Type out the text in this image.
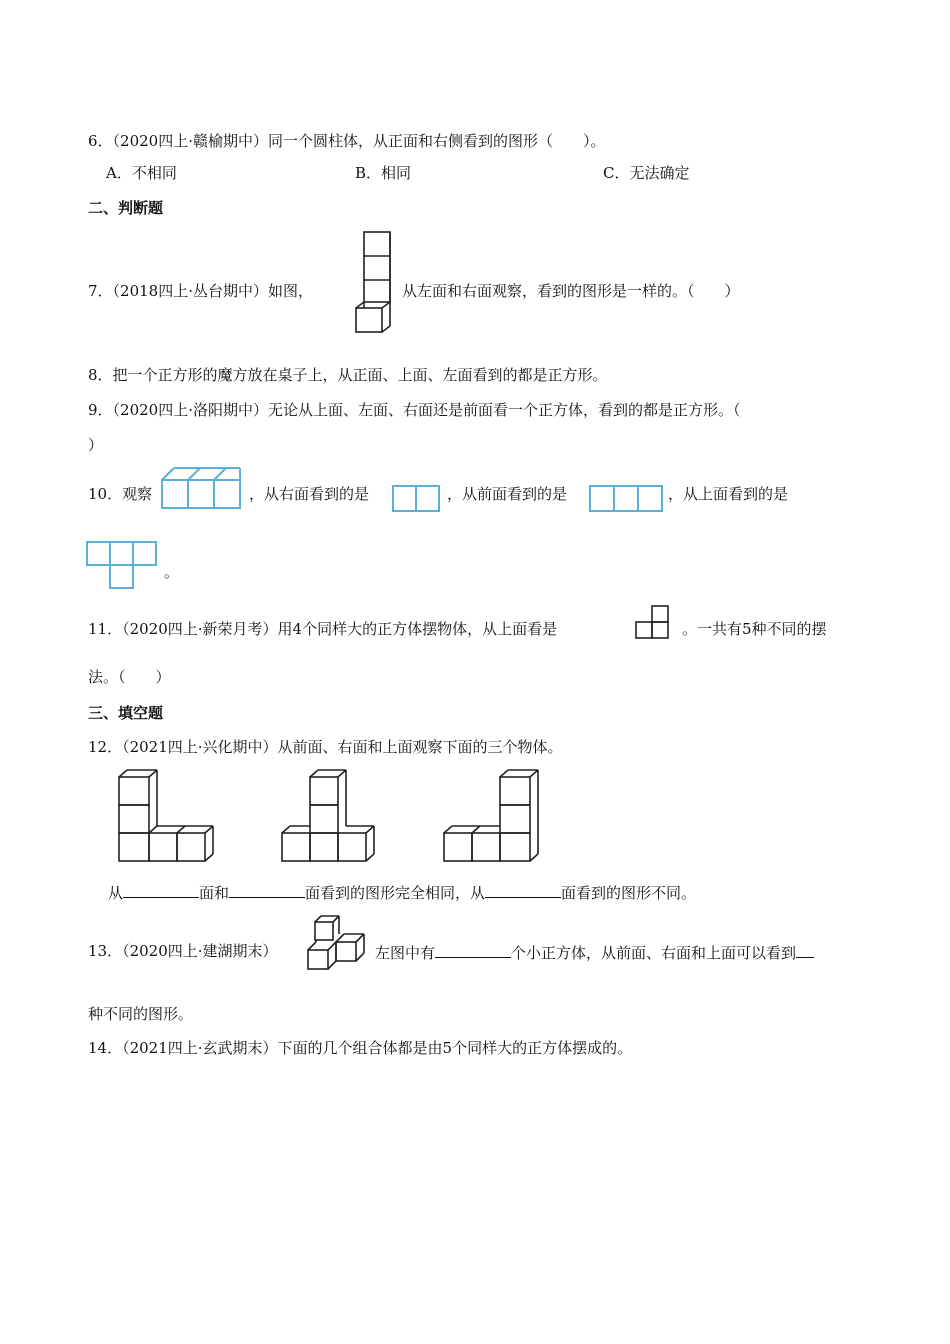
6．（2020四上·赣榆期中）同一个圆柱体，从正面和右侧看到的图形（　　）。
A．不相同	B．相同	C．无法确定
二、判断题
7．（2018四上·丛台期中）如图，	从左面和右面观察，看到的图形是一样的。（　　）
8．把一个正方形的魔方放在桌子上，从正面、上面、左面看到的都是正方形。
9．（2020四上·洛阳期中）无论从上面、左面、右面还是前面看一个正方体，看到的都是正方形。（
）
10．观察	，从右面看到的是	，从前面看到的是	，从上面看到的是
。
11．（2020四上·新荣月考）用4个同样大的正方体摆物体，从上面看是	。一共有5种不同的摆
法。（　　）
三、填空题
12．（2021四上·兴化期中）从前面、右面和上面观察下面的三个物体。
从	面和	面看到的图形完全相同，从	面看到的图形不同。
13．（2020四上·建湖期末）	左图中有	个小正方体，从前面、右面和上面可以看到
种不同的图形。
14．（2021四上·玄武期末）下面的几个组合体都是由5个同样大的正方体摆成的。
